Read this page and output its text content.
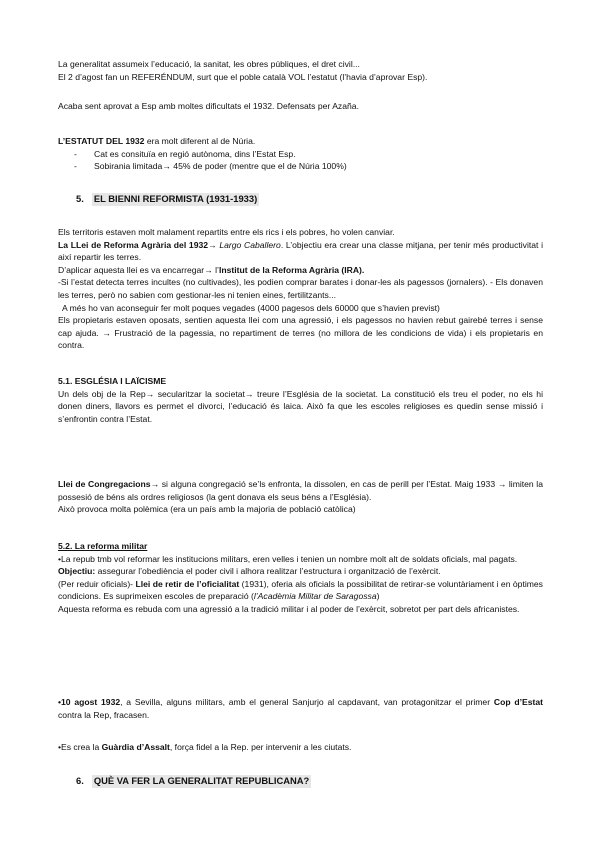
La generalitat assumeix l’educació, la sanitat, les obres públiques, el dret civil...

El 2 d’agost fan un REFERÉNDUM, surt que el poble català VOL l’estatut (l’havia d’aprovar Esp).

Acaba sent aprovat a Esp amb moltes dificultats el 1932. Defensats per Azaña.

L’ESTATUT DEL 1932 era molt diferent al de Núria.

- Cat es consituïa en regió autònoma, dins l’Estat Esp.

- Sobirania limitada→ 45% de poder (mentre que el de Núria 100%)

5. EL BIENNI REFORMISTA (1931-1933)

Els territoris estaven molt malament repartits entre els rics i els pobres, ho volen canviar.

La LLei de Reforma Agrària del 1932→ Largo Caballero. L’objectiu era crear una classe mitjana, per tenir més productivitat i així repartir les terres.

D’aplicar aquesta llei es va encarregar→ l’Institut de la Reforma Agrària (IRA).

-Si l’estat detecta terres incultes (no cultivades), les podien comprar barates i donar-les als pagessos (jornalers). - Els donaven les terres, però no sabien com gestionar-les ni tenien eines, fertilitzants...

A més ho van aconseguir fer molt poques vegades (4000 pagesos dels 60000 que s’havien previst)

Els propietaris estaven oposats, sentien aquesta llei com una agressió, i els pagessos no havien rebut gairebé terres i sense cap ajuda. → Frustració de la pagessia, no repartiment de terres (no millora de les condicions de vida) i els propietaris en contra.

5.1. ESGLÉSIA I LAÏCISME

Un dels obj de la Rep→ secularitzar la societat→ treure l’Església de la societat. La constitució els treu el poder, no els hi donen diners, llavors es permet el divorci, l’educació és laica. Això fa que les escoles religioses es quedin sense missió i s’enfrontin contra l’Estat.

Llei de Congregacions→ si alguna congregació se’ls enfronta, la dissolen, en cas de perill per l’Estat. Maig 1933 → limiten la possesió de béns als ordres religiosos (la gent donava els seus béns a l’Església).

Això provoca molta polèmica (era un país amb la majoria de població catòlica)

5.2. La reforma militar

•La repub tmb vol reformar les institucions militars, eren velles i tenien un nombre molt alt de soldats oficials, mal pagats.

Objectiu: assegurar l’obediència el poder civil i alhora realitzar l’estructura i organització de l’exèrcit.

(Per reduir oficials)- Llei de retir de l’oficialitat (1931), oferia als oficials la possibilitat de retirar-se voluntàriament i en òptimes condicions. Es suprimeixen escoles de preparació (l’Acadèmia Militar de Saragossa)

Aquesta reforma es rebuda com una agressió a la tradició militar i al poder de l’exèrcit, sobretot per part dels africanistes.

•10 agost 1932, a Sevilla, alguns militars, amb el general Sanjurjo al capdavant, van protagonitzar el primer Cop d’Estat contra la Rep, fracasen.

•Es crea la Guàrdia d’Assalt, força fidel a la Rep. per intervenir a les ciutats.

6. QUÈ VA FER LA GENERALITAT REPUBLICANA?
